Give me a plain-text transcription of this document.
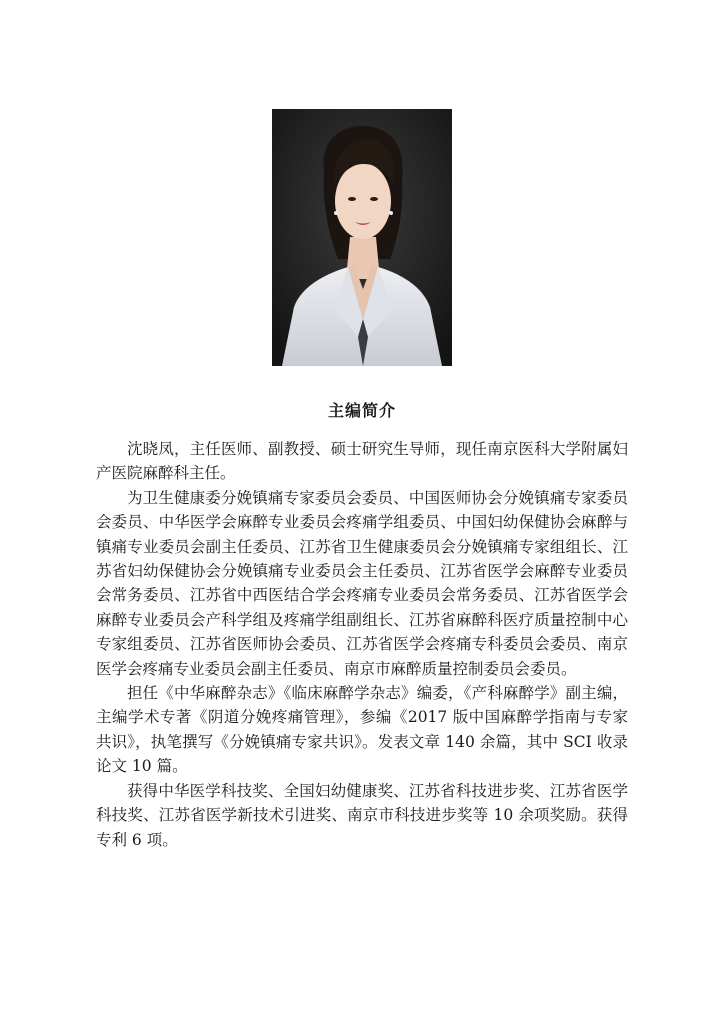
主编简介

沈晓凤，主任医师、副教授、硕士研究生导师，现任南京医科大学附属妇产医院麻醉科主任。

为卫生健康委分娩镇痛专家委员会委员、中国医师协会分娩镇痛专家委员会委员、中华医学会麻醉专业委员会疼痛学组委员、中国妇幼保健协会麻醉与镇痛专业委员会副主任委员、江苏省卫生健康委员会分娩镇痛专家组组长、江苏省妇幼保健协会分娩镇痛专业委员会主任委员、江苏省医学会麻醉专业委员会常务委员、江苏省中西医结合学会疼痛专业委员会常务委员、江苏省医学会麻醉专业委员会产科学组及疼痛学组副组长、江苏省麻醉科医疗质量控制中心专家组委员、江苏省医师协会委员、江苏省医学会疼痛专科委员会委员、南京医学会疼痛专业委员会副主任委员、南京市麻醉质量控制委员会委员。

担任《中华麻醉杂志》《临床麻醉学杂志》编委，《产科麻醉学》副主编，主编学术专著《阴道分娩疼痛管理》，参编《2017 版中国麻醉学指南与专家共识》，执笔撰写《分娩镇痛专家共识》。发表文章 140 余篇，其中 SCI 收录论文 10 篇。

获得中华医学科技奖、全国妇幼健康奖、江苏省科技进步奖、江苏省医学科技奖、江苏省医学新技术引进奖、南京市科技进步奖等 10 余项奖励。获得专利 6 项。
